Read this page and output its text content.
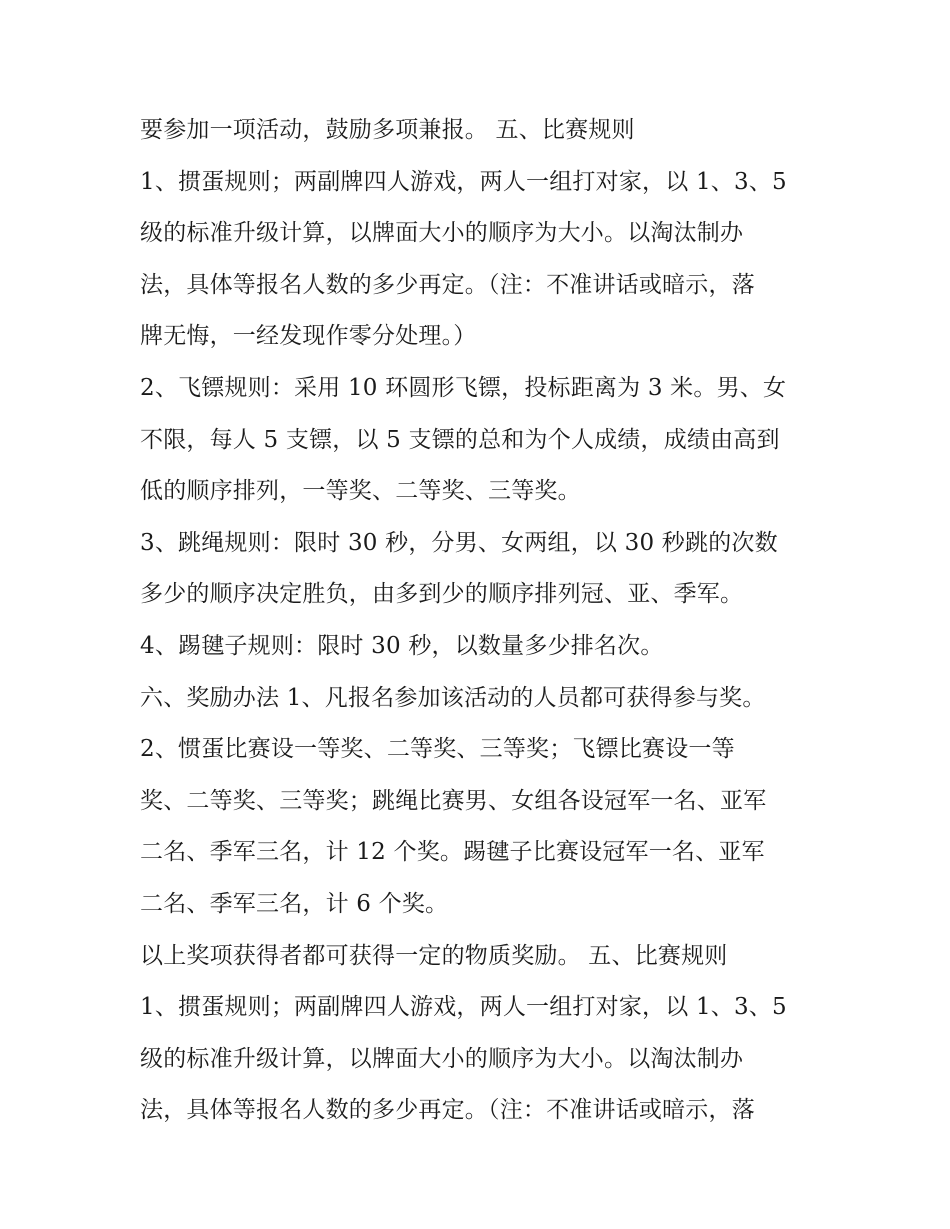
要参加一项活动，鼓励多项兼报。 五、比赛规则
1、掼蛋规则；两副牌四人游戏，两人一组打对家，以 1、3、5
级的标准升级计算，以牌面大小的顺序为大小。以淘汰制办
法，具体等报名人数的多少再定。（注：不准讲话或暗示，落
牌无悔，一经发现作零分处理。）
2、飞镖规则：采用 10 环圆形飞镖，投标距离为 3 米。男、女
不限，每人 5 支镖，以 5 支镖的总和为个人成绩，成绩由高到
低的顺序排列，一等奖、二等奖、三等奖。
3、跳绳规则：限时 30 秒，分男、女两组，以 30 秒跳的次数
多少的顺序决定胜负，由多到少的顺序排列冠、亚、季军。
4、踢毽子规则：限时 30 秒，以数量多少排名次。
六、奖励办法 1、凡报名参加该活动的人员都可获得参与奖。
2、惯蛋比赛设一等奖、二等奖、三等奖；飞镖比赛设一等
奖、二等奖、三等奖；跳绳比赛男、女组各设冠军一名、亚军
二名、季军三名，计 12 个奖。踢毽子比赛设冠军一名、亚军
二名、季军三名，计 6 个奖。
以上奖项获得者都可获得一定的物质奖励。 五、比赛规则
1、掼蛋规则；两副牌四人游戏，两人一组打对家，以 1、3、5
级的标准升级计算，以牌面大小的顺序为大小。以淘汰制办
法，具体等报名人数的多少再定。（注：不准讲话或暗示，落
